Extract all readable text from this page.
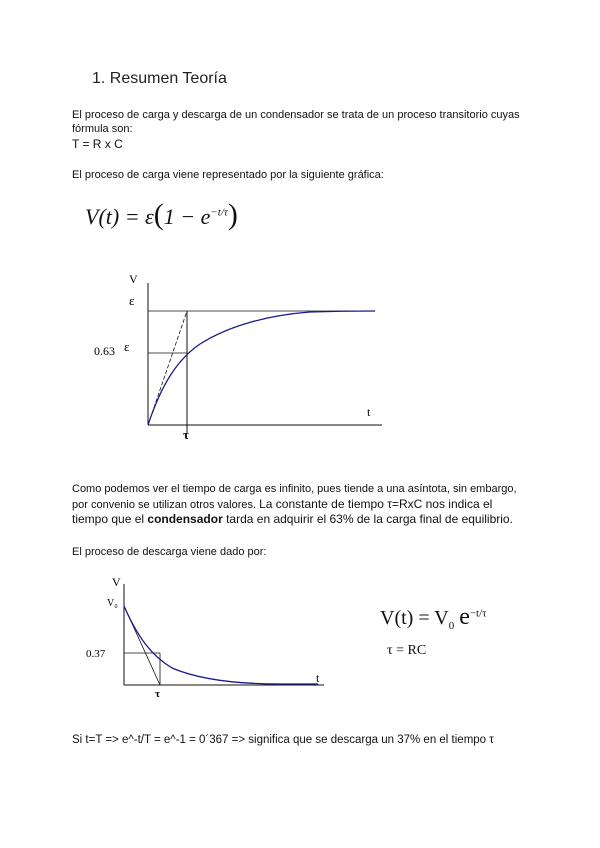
1. Resumen Teoría
El proceso de carga y descarga de un condensador se trata de un proceso transitorio cuyas
fórmula son:
T = R x C
El proceso de carga viene representado por la siguiente gráfica:
$V(t) = \varepsilon(1 - e^{-t/\tau})$
V
ε
0.63 ε
t
τ
Como podemos ver el tiempo de carga es infinito, pues tiende a una asíntota, sin embargo,
por convenio se utilizan otros valores. La constante de tiempo τ=RxC nos indica el
tiempo que el condensador tarda en adquirir el 63% de la carga final de equilibrio.
El proceso de descarga viene dado por:
V
V₀
0.37
t
τ
$V(t) = V_0$ $e^{-t/\tau}$
τ = RC
Si t=T => e^-t/T = e^-1 = 0´367 => significa que se descarga un 37% en el tiempo τ
